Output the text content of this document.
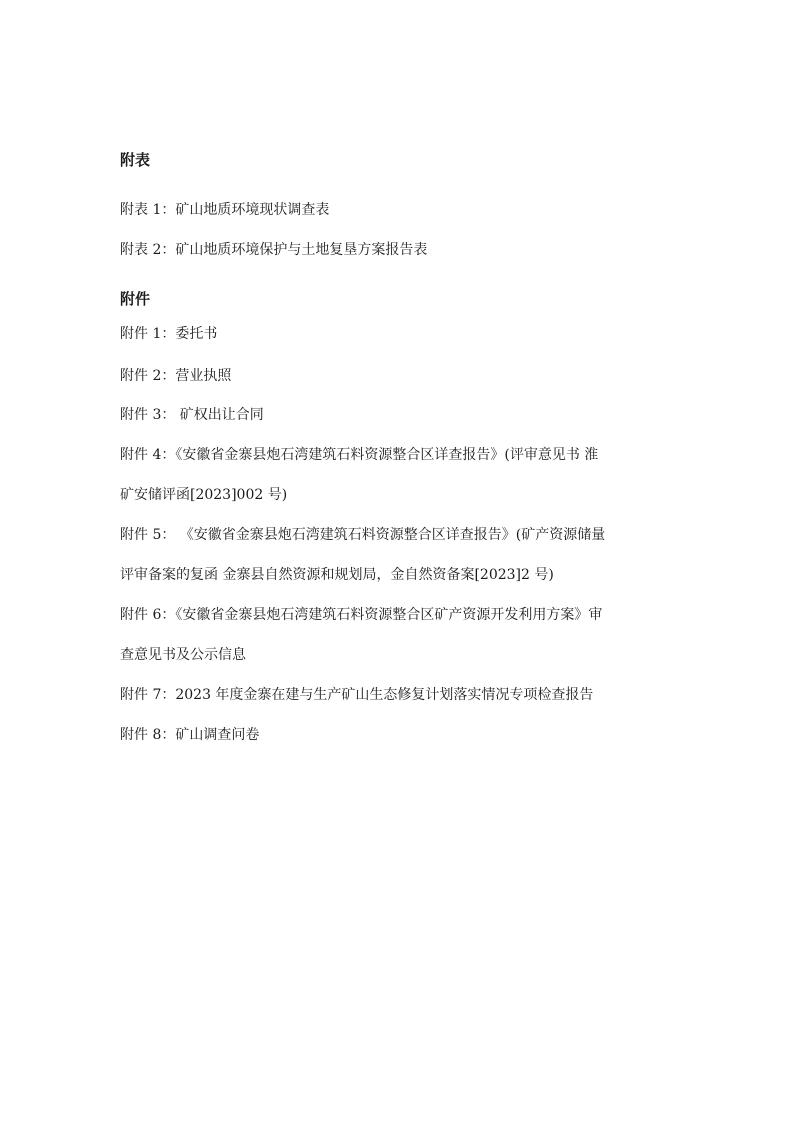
附表
附表 1：矿山地质环境现状调查表
附表 2：矿山地质环境保护与土地复垦方案报告表
附件
附件 1：委托书
附件 2：营业执照
附件 3： 矿权出让合同
附件 4：《安徽省金寨县炮石湾建筑石料资源整合区详查报告》(评审意见书 淮
矿安储评函[2023]002 号)
附件 5： 《安徽省金寨县炮石湾建筑石料资源整合区详查报告》(矿产资源储量
评审备案的复函 金寨县自然资源和规划局，金自然资备案[2023]2 号)
附件 6：《安徽省金寨县炮石湾建筑石料资源整合区矿产资源开发利用方案》审
查意见书及公示信息
附件 7：2023 年度金寨在建与生产矿山生态修复计划落实情况专项检查报告
附件 8：矿山调查问卷
